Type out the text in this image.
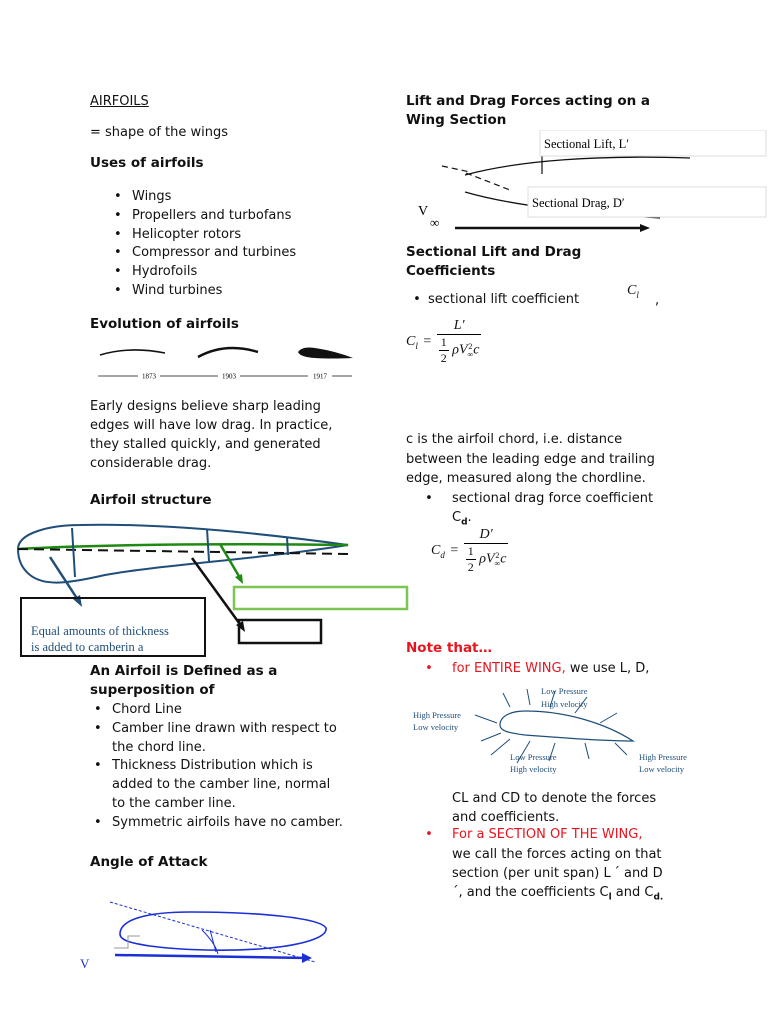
AIRFOILS
= shape of the wings
Uses of airfoils
• Wings
• Propellers and turbofans
• Helicopter rotors
• Compressor and turbines
• Hydrofoils
• Wind turbines
Evolution of airfoils
1873	1903	1917
Early designs believe sharp leading
edges will have low drag. In practice,
they stalled quickly, and generated
considerable drag.
Airfoil structure
Equal amounts of thickness
is added to camberin a
An Airfoil is Defined as a
superposition of
• Chord Line
• Camber line drawn with respect to
the chord line.
• Thickness Distribution which is
added to the camber line, normal
to the camber line.
• Symmetric airfoils have no camber.
Angle of Attack
V
Lift and Drag Forces acting on a
Wing Section
Sectional Lift, L′
Sectional Drag, D′
V
∞
Sectional Lift and Drag
Coefficients
• sectional lift coefficient
$C_l$ ,
$C_l = L'$
$\frac{1}{2}$ ρV 2
∞ c
c is the airfoil chord, i.e. distance
between the leading edge and trailing
edge, measured along the chordline.
• sectional drag force coefficient
$C_d$.
$C_d = D'$
$\frac{1}{2}$ ρV 2
∞ c
Note that…
• for ENTIRE WING, we use L, D,
Low Pressure High velocity High Pressure Low velocity Low Pressure High velocity High Pressure Low velocity
CL and CD to denote the forces
and coefficients.
• For a SECTION OF THE WING,
we call the forces acting on that
section (per unit span) L ´ and D
´, and the coefficients $C_l$ and $C_{d.}$
